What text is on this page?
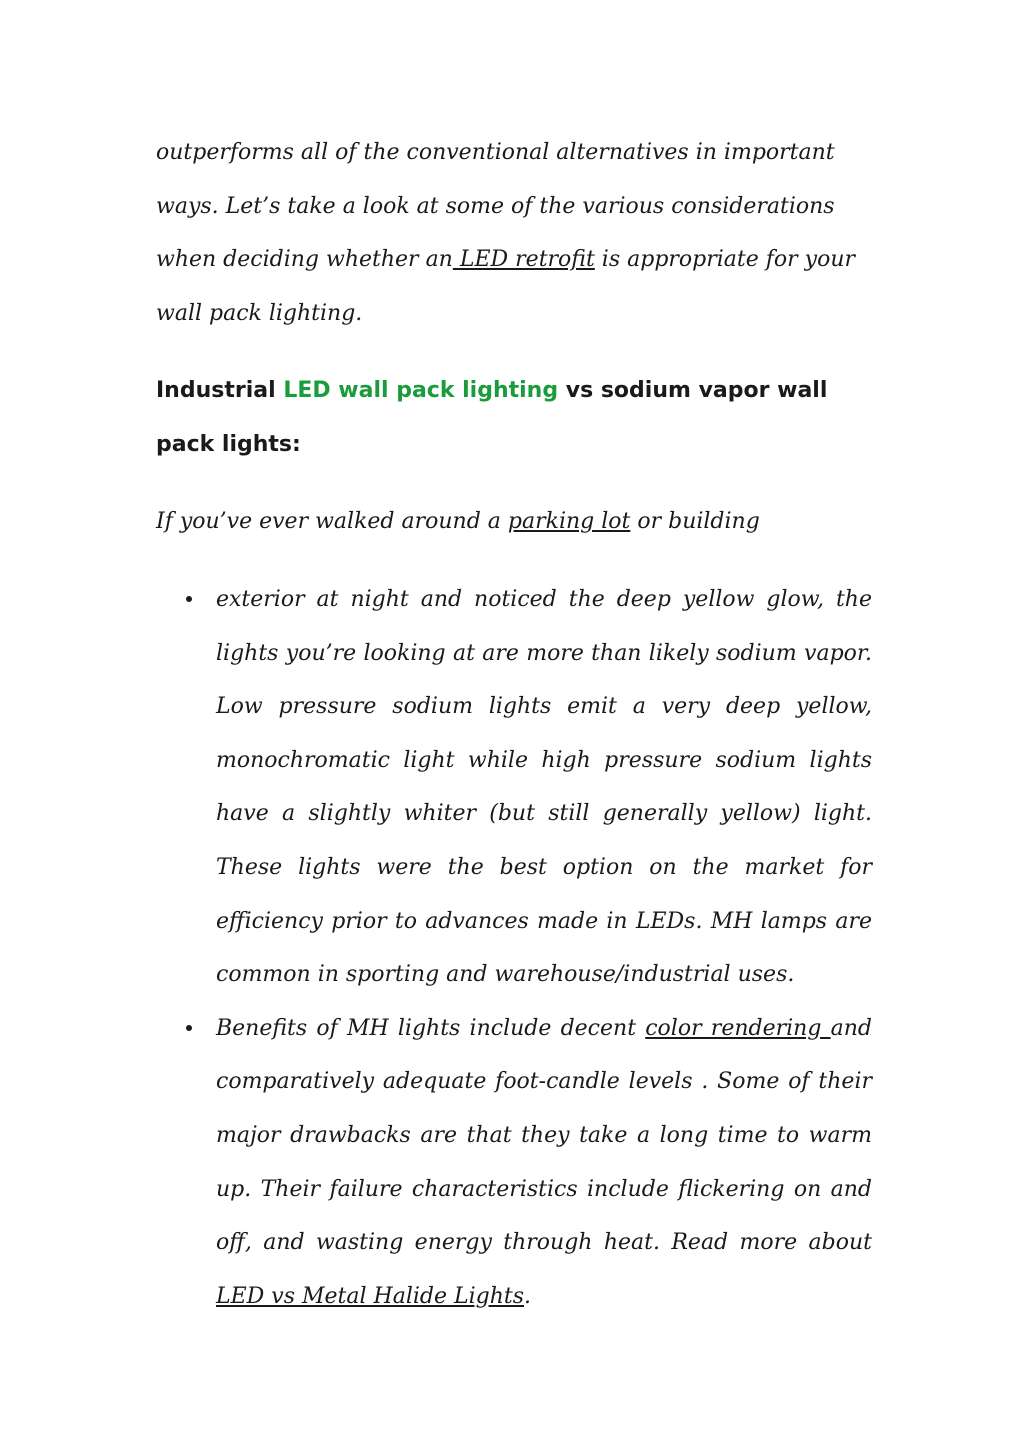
outperforms all of the conventional alternatives in important ways. Let’s take a look at some of the various considerations when deciding whether an LED retrofit is appropriate for your wall pack lighting.

Industrial LED wall pack lighting vs sodium vapor wall pack lights:

If you’ve ever walked around a parking lot or building

exterior at night and noticed the deep yellow glow, the lights you’re looking at are more than likely sodium vapor. Low pressure sodium lights emit a very deep yellow, monochromatic light while high pressure sodium lights have a slightly whiter (but still generally yellow) light. These lights were the best option on the market for efficiency prior to advances made in LEDs. MH lamps are common in sporting and warehouse/industrial uses.
Benefits of MH lights include decent color rendering and comparatively adequate foot-candle levels . Some of their major drawbacks are that they take a long time to warm up. Their failure characteristics include flickering on and off, and wasting energy through heat. Read more about LED vs Metal Halide Lights.
